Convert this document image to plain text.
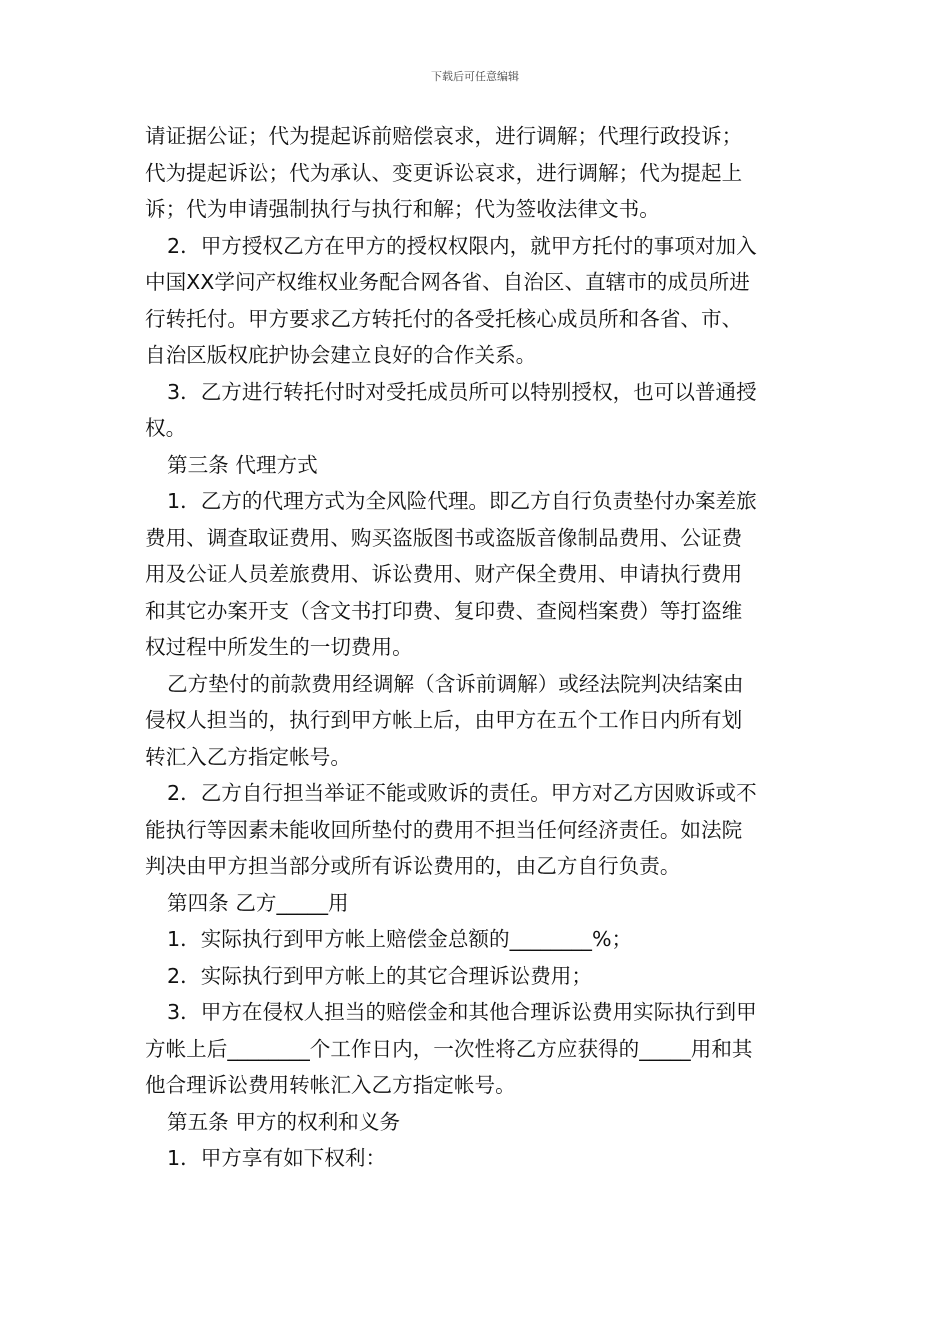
下载后可任意编辑

请证据公证；代为提起诉前赔偿哀求，进行调解；代理行政投诉；

代为提起诉讼；代为承认、变更诉讼哀求，进行调解；代为提起上

诉；代为申请强制执行与执行和解；代为签收法律文书。

2．甲方授权乙方在甲方的授权权限内，就甲方托付的事项对加入

中国XX学问产权维权业务配合网各省、自治区、直辖市的成员所进

行转托付。甲方要求乙方转托付的各受托核心成员所和各省、市、

自治区版权庇护协会建立良好的合作关系。

3．乙方进行转托付时对受托成员所可以特别授权，也可以普通授

权。

第三条 代理方式

1．乙方的代理方式为全风险代理。即乙方自行负责垫付办案差旅

费用、调查取证费用、购买盗版图书或盗版音像制品费用、公证费

用及公证人员差旅费用、诉讼费用、财产保全费用、申请执行费用

和其它办案开支（含文书打印费、复印费、查阅档案费）等打盗维

权过程中所发生的一切费用。

乙方垫付的前款费用经调解（含诉前调解）或经法院判决结案由

侵权人担当的，执行到甲方帐上后，由甲方在五个工作日内所有划

转汇入乙方指定帐号。

2．乙方自行担当举证不能或败诉的责任。甲方对乙方因败诉或不

能执行等因素未能收回所垫付的费用不担当任何经济责任。如法院

判决由甲方担当部分或所有诉讼费用的，由乙方自行负责。

第四条 乙方_____用

1．实际执行到甲方帐上赔偿金总额的________%；

2．实际执行到甲方帐上的其它合理诉讼费用；

3．甲方在侵权人担当的赔偿金和其他合理诉讼费用实际执行到甲

方帐上后________个工作日内，一次性将乙方应获得的_____用和其

他合理诉讼费用转帐汇入乙方指定帐号。

第五条 甲方的权利和义务

1．甲方享有如下权利：
